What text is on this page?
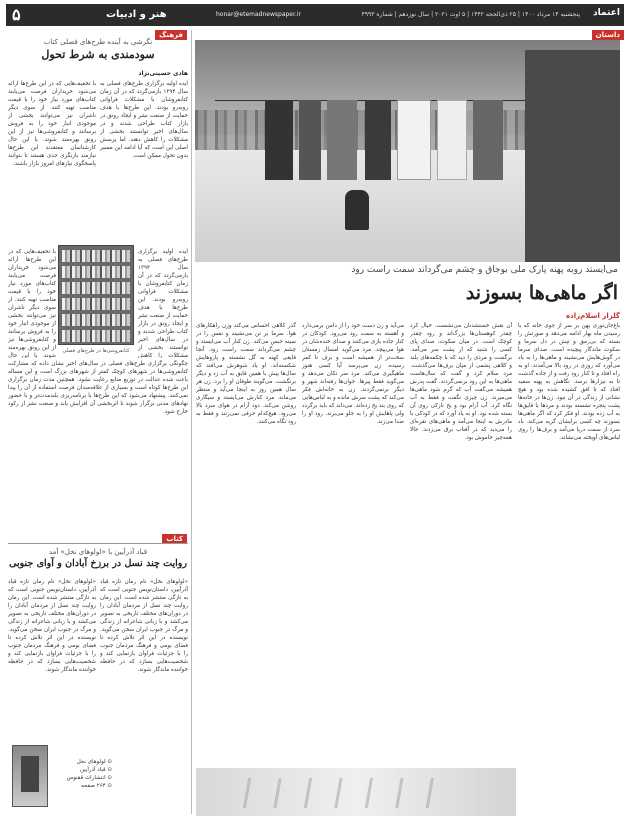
۵	هنر و ادبیات	honar@etemadnewspaper.ir	پنجشنبه ۱۴ مرداد ۱۴۰۰ | ۲۵ ذی‌الحجه ۱۴۴۲ | ۵ اوت ۲۰۲۱ | سال نوزدهم | شماره ۴۹۹۳ اعتماد
داستان
فرهنگ
کتاب
می‌ایستد روبه پهنه پارک ملی بوجاق و چشم می‌گرداند سمت راست رود
اگر ماهی‌ها بسوزند
گلزار اسلام‌زاده
باغ‌جان‌نوری پهن بر سر از جوی خانه که با رسیدن ماه بهار ادامه می‌دهد و صورتش را بسته که بی‌رمق و تپش در دل سرما و سکوت ماندگار پیچیده است. صدای سرما در گوش‌هایش می‌نشیند و ماهی‌ها را به یاد می‌آورد که روزی در رود بالا می‌آمدند. او به راه افتاد و تا کنار رود رفت و از جاده گذشت تا به نیزارها برسد. نگاهش به پهنه سفید افتاد که تا افق کشیده شده بود و هیچ نشانی از زندگی در آن نبود. زن‌ها در خانه‌ها پشت پنجره نشسته بودند و مردها با قایق‌ها به آب زده بودند. او فکر کرد که اگر ماهی‌ها بسوزند چه کسی برایشان گریه می‌کند. باد سرد از سمت دریا می‌آمد و برف‌ها را روی لباس‌های آویخته می‌نشاند.
آن نقش خستشدنان می‌نشست. خیال کرد چقدر کوهستان‌ها بزرگ‌اند و رود چقدر کوچک است. در میان سکوت، صدای پای کسی را شنید که از پشت سر می‌آمد. برگشت و مردی را دید که با چکمه‌های بلند و کلاهی پشمی از میان برف‌ها می‌گذشت. مرد سلام کرد و گفت که سال‌هاست ماهی‌ها به این رود برنمی‌گردند. گفت پدرش همیشه می‌گفت آب که گرم شود ماهی‌ها می‌میرند. زن چیزی نگفت و فقط به آب نگاه کرد. آب آرام بود و یخ نازکی روی آن بسته شده بود. او به یاد آورد که در کودکی با مادرش به اینجا می‌آمد و ماهی‌های نقره‌ای را می‌دید که در آفتاب برق می‌زدند. حالا همه‌چیز خاموش بود.
می‌آید و زن دست خود را از دامن برمی‌دارد و آهسته به سمت رود می‌رود. کودکان در کنار جاده بازی می‌کنند و صدای خنده‌شان در هوا می‌پیچد. مرد می‌گوید امسال زمستان سخت‌تر از همیشه است و برف تا کمر رسیده. زن می‌پرسد آیا کسی هنوز ماهیگیری می‌کند. مرد سر تکان می‌دهد و می‌گوید فقط پیرها. جوان‌ها رفته‌اند شهر و دیگر برنمی‌گردند. زن به خانه‌اش فکر می‌کند که پشت سرش مانده و به لباس‌هایی که روی بند یخ زده‌اند. می‌داند که باید برگردد ولی پاهایش او را به جلو می‌برند. رود او را صدا می‌زند.
گذر کلاهی احساس می‌کند وزن راهکارهای هوا. سرما بر تن می‌نشیند و نفس را در سینه حبس می‌کند. زن کنار آب می‌ایستد و چشم می‌گرداند سمت راست رود. آنجا قایقی کهنه به گل نشسته و پاروهایش شکسته‌اند. او یاد شوهرش می‌افتد که سال‌ها پیش با همین قایق به آب زد و دیگر برنگشت. می‌گویند طوفان او را برد. زن هر سال همین روز به اینجا می‌آید و منتظر می‌ماند. مرد کنارش می‌ایستد و سیگاری روشن می‌کند. دود آرام در هوای سرد بالا می‌رود. هیچ‌کدام حرفی نمی‌زنند و فقط به رود نگاه می‌کنند.
نگرشی به آینده طرح‌های فصلی کتاب
سودمندی به شرط تحول
هادی حسینی‌نژاد
ایده اولیه برگزاری طرح‌های فصلی به سال ۱۳۹۴ بازمی‌گردد که در آن زمان کتابفروشان با مشکلات فراوانی روبه‌رو بودند. این طرح‌ها با هدف حمایت از صنعت نشر و ایجاد رونق در بازار کتاب طراحی شدند و در سال‌های اخیر توانستند بخشی از مشکلات را کاهش دهند. اما پرسش اصلی این است که آیا ادامه این مسیر بدون تحول ممکن است.
با تخفیف‌هایی که در این طرح‌ها ارائه می‌شود خریداران فرصت می‌یابند کتاب‌های مورد نیاز خود را با قیمت مناسب تهیه کنند. از سوی دیگر ناشران نیز می‌توانند بخشی از موجودی انبار خود را به فروش برسانند و کتابفروشی‌ها نیز از این رونق بهره‌مند شوند. با این حال کارشناسان معتقدند این طرح‌ها نیازمند بازنگری جدی هستند تا بتوانند پاسخگوی نیازهای امروز بازار باشند.
کتابفروشی‌ها در طرح‌های فصلی
ایده اولیه برگزاری طرح‌های فصلی به سال ۱۳۹۴ بازمی‌گردد که در آن زمان کتابفروشان با مشکلات فراوانی روبه‌رو بودند. این طرح‌ها با هدف حمایت از صنعت نشر و ایجاد رونق در بازار کتاب طراحی شدند و در سال‌های اخیر توانستند بخشی از مشکلات را کاهش
با تخفیف‌هایی که در این طرح‌ها ارائه می‌شود خریداران فرصت می‌یابند کتاب‌های مورد نیاز خود را با قیمت مناسب تهیه کنند. از سوی دیگر ناشران نیز می‌توانند بخشی از موجودی انبار خود را به فروش برسانند و کتابفروشی‌ها نیز از این رونق بهره‌مند شوند. با این حال
چگونگی برگزاری طرح‌های فصلی در سال‌های اخیر نشان داده که مشارکت کتابفروشی‌ها در شهرهای کوچک کمتر از شهرهای بزرگ است و این مساله باعث شده عدالت در توزیع منابع رعایت نشود. همچنین مدت زمان برگزاری این طرح‌ها کوتاه است و بسیاری از علاقه‌مندان فرصت استفاده از آن را پیدا نمی‌کنند. پیشنهاد می‌شود که این طرح‌ها با برنامه‌ریزی بلندمدت‌تر و با حضور نهادهای مدنی برگزار شوند تا اثربخشی آن افزایش یابد و صنعت نشر از رکود خارج شود.
قباد آذرآیین با «لولوهای نخل» آمد
روایت چند نسل در برزخ آبادان و آوای جنوبی
«لولوهای نخل» نام رمان تازه قباد آذرآیین، داستان‌نویس جنوبی است که به تازگی منتشر شده است. این رمان روایت چند نسل از مردمان آبادان را در دوران‌های مختلف تاریخی به تصویر می‌کشد و با زبانی شاعرانه از زندگی و مرگ در جنوب ایران سخن می‌گوید. نویسنده در این اثر تلاش کرده تا فضای بومی و فرهنگ مردمان جنوب را با جزئیات فراوان بازنمایی کند و شخصیت‌هایی بسازد که در حافظه خواننده ماندگار شوند.
«لولوهای نخل» نام رمان تازه قباد آذرآیین، داستان‌نویس جنوبی است که به تازگی منتشر شده است. این رمان روایت چند نسل از مردمان آبادان را در دوران‌های مختلف تاریخی به تصویر می‌کشد و با زبانی شاعرانه از زندگی و مرگ در جنوب ایران سخن می‌گوید. نویسنده در این اثر تلاش کرده تا فضای بومی و فرهنگ مردمان جنوب را با جزئیات فراوان بازنمایی کند و شخصیت‌هایی بسازد که در حافظه خواننده ماندگار شوند.
⊙ لولوهای نخل
⊙ قباد آذرآیین
⊙ انتشارات ققنوس
⊙ ۲۶۴ صفحه
